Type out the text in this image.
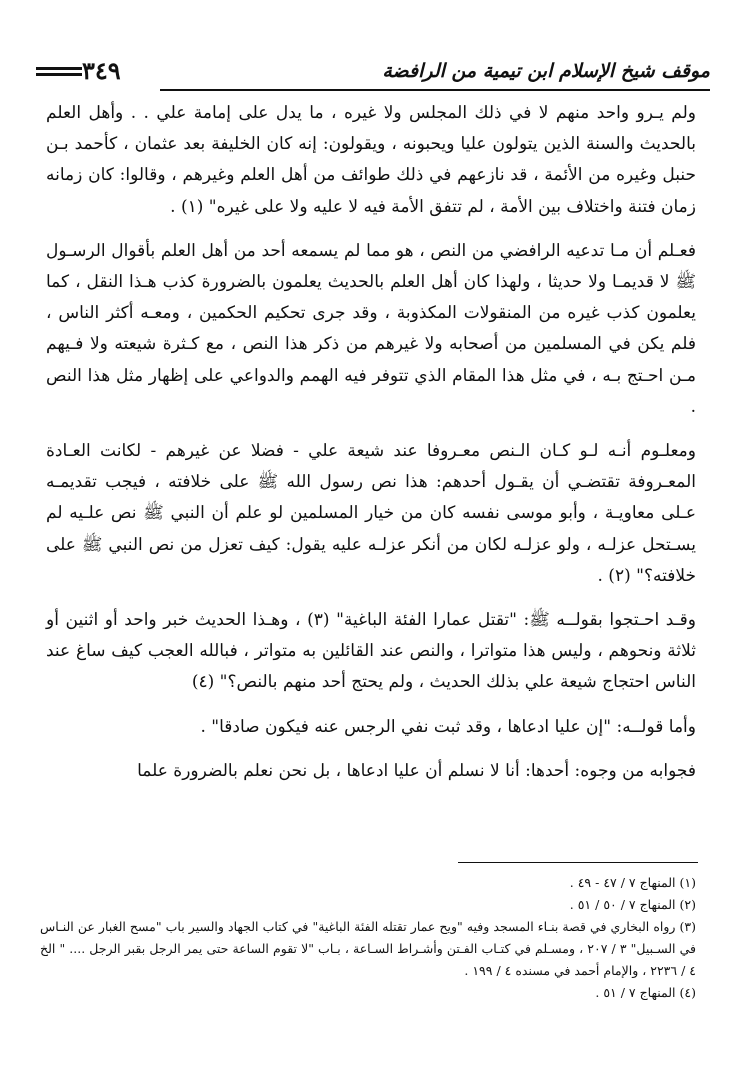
موقف شيخ الإسلام ابن تيمية من الرافضة
٣٤٩

ولم يـرو واحد منهم لا في ذلك المجلس ولا غيره ، ما يدل على إمامة علي . . وأهل العلم بالحديث والسنة الذين يتولون عليا ويحبونه ، ويقولون: إنه كان الخليفة بعد عثمان ، كأحمد بـن حنبل وغيره من الأئمة ، قد نازعهم في ذلك طوائف من أهل العلم وغيرهم ، وقالوا: كان زمانه زمان فتنة واختلاف بين الأمة ، لم تتفق الأمة فيه لا عليه ولا على غيره" (١) .

فعـلم أن مـا تدعيه الرافضي من النص ، هو مما لم يسمعه أحد من أهل العلم بأقوال الرسـول ﷺ لا قديمـا ولا حديثا ، ولهذا كان أهل العلم بالحديث يعلمون بالضرورة كذب هـذا النقل ، كما يعلمون كذب غيره من المنقولات المكذوبة ، وقد جرى تحكيم الحكمين ، ومعـه أكثر الناس ، فلم يكن في المسلمين من أصحابه ولا غيرهم من ذكر هذا النص ، مع كـثرة شيعته ولا فـيهم مـن احـتج بـه ، في مثل هذا المقام الذي تتوفر فيه الهمم والدواعي على إظهار مثل هذا النص .

ومعلـوم أنـه لـو كـان الـنص معـروفا عند شيعة علي - فضلا عن غيرهم - لكانت العـادة المعـروفة تقتضـي أن يقـول أحدهم: هذا نص رسول الله ﷺ على خلافته ، فيجب تقديمـه عـلى معاويـة ، وأبو موسى نفسه كان من خيار المسلمين لو علم أن النبي ﷺ نص علـيه لم يسـتحل عزلـه ، ولو عزلـه لكان من أنكر عزلـه عليه يقول: كيف تعزل من نص النبي ﷺ على خلافته؟" (٢) .

وقـد احـتجوا بقولــه ﷺ: "تقتل عمارا الفئة الباغية" (٣) ، وهـذا الحديث خبر واحد أو اثنين أو ثلاثة ونحوهم ، وليس هذا متواترا ، والنص عند القائلين به متواتر ، فبالله العجب كيف ساغ عند الناس احتجاج شيعة علي بذلك الحديث ، ولم يحتج أحد منهم بالنص؟" (٤)

وأما قولــه: "إن عليا ادعاها ، وقد ثبت نفي الرجس عنه فيكون صادقا" .

فجوابه من وجوه: أحدها: أنا لا نسلم أن عليا ادعاها ، بل نحن نعلم بالضرورة علما

(١) المنهاج ٧ / ٤٧ - ٤٩ .
(٢) المنهاج ٧ / ٥٠ / ٥١ .
(٣) رواه البخاري في قصة بنـاء المسجد وفيه "ويح عمار تقتله الفئة الباغية" في كتاب الجهاد والسير باب "مسح الغبار عن النـاس في السـبيل" ٣ / ٢٠٧ ، ومسـلم في كتـاب الفـتن وأشـراط السـاعة ، بـاب "لا تقوم الساعة حتى يمر الرجل بقبر الرجل .... " الخ ٤ / ٢٢٣٦ ، والإمام أحمد في مسنده ٤ / ١٩٩ .
(٤) المنهاج ٧ / ٥١ .
